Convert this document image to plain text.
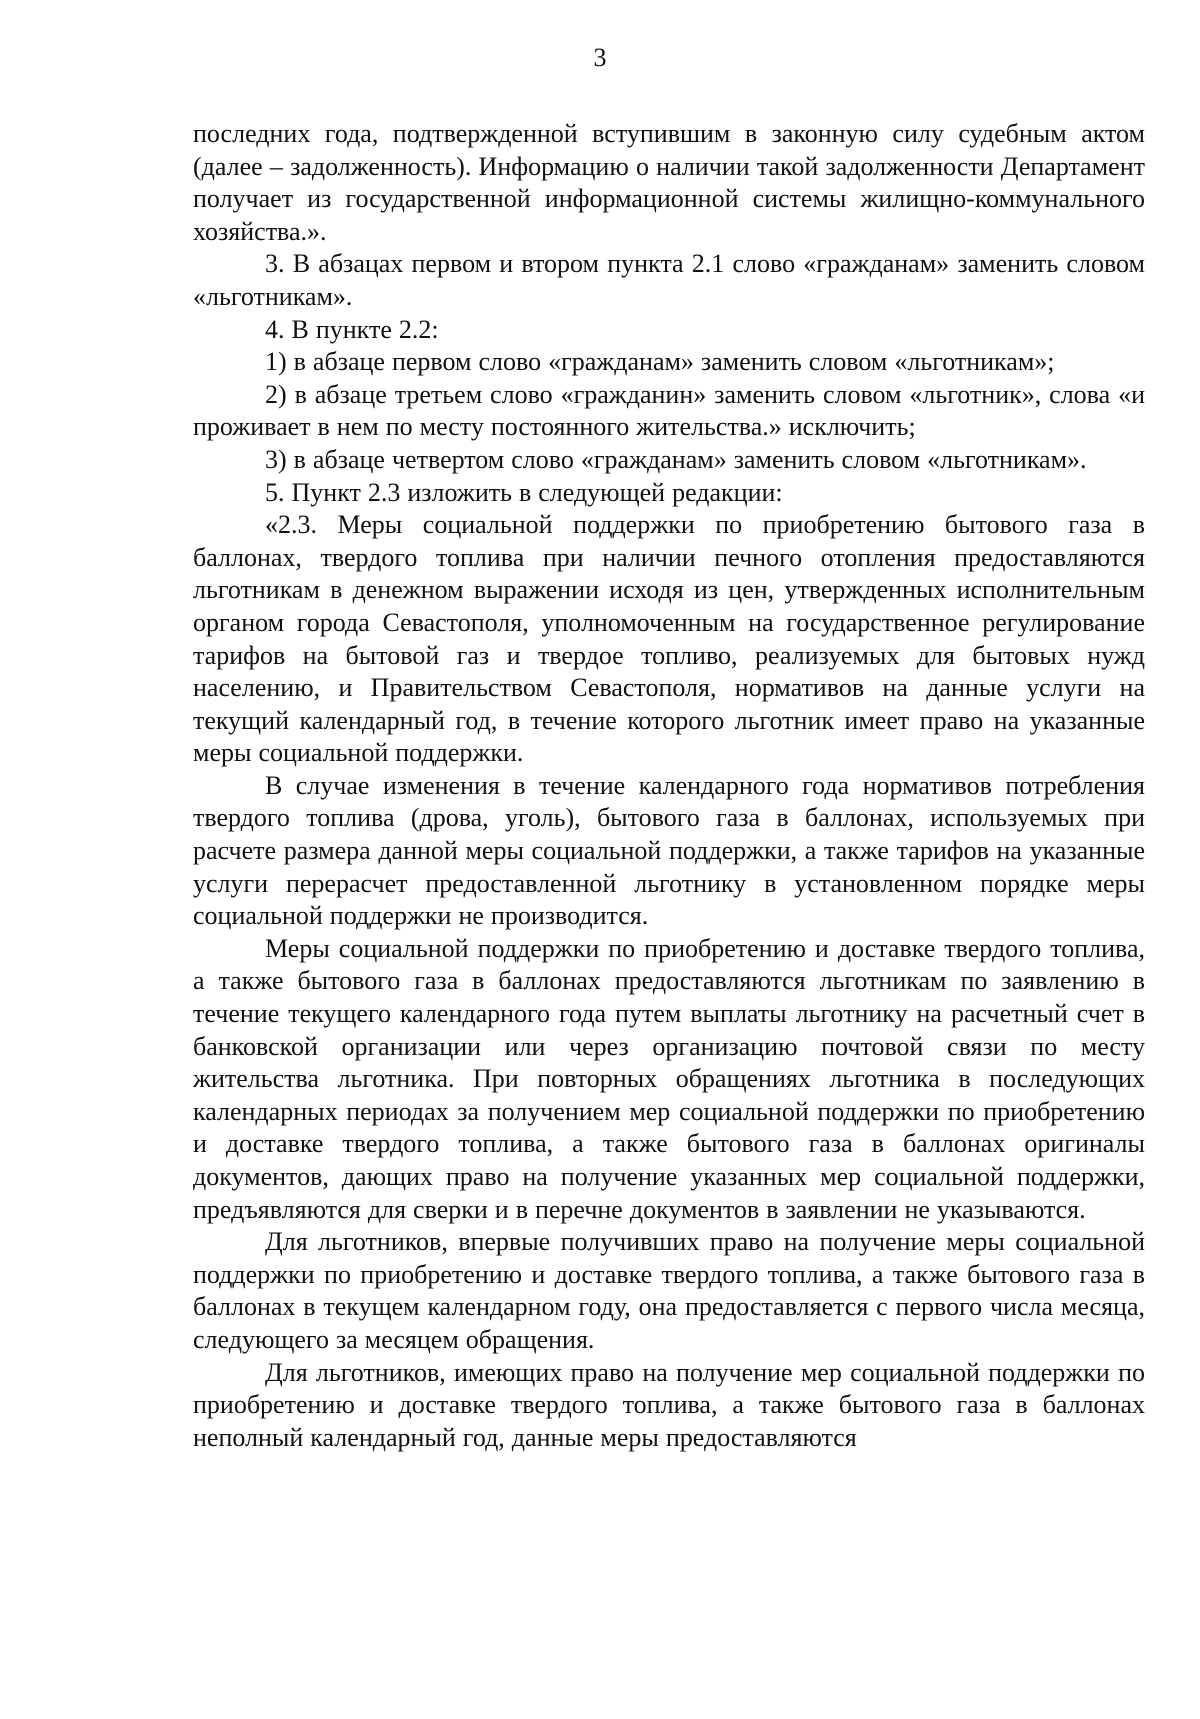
3

последних года, подтвержденной вступившим в законную силу судебным актом (далее – задолженность). Информацию о наличии такой задолженности Департамент получает из государственной информационной системы жилищно-коммунального хозяйства.».

3. В абзацах первом и втором пункта 2.1 слово «гражданам» заменить словом «льготникам».

4. В пункте 2.2:

1) в абзаце первом слово «гражданам» заменить словом «льготникам»;

2) в абзаце третьем слово «гражданин» заменить словом «льготник», слова «и проживает в нем по месту постоянного жительства.» исключить;

3) в абзаце четвертом слово «гражданам» заменить словом «льготникам».

5. Пункт 2.3 изложить в следующей редакции:

«2.3. Меры социальной поддержки по приобретению бытового газа в баллонах, твердого топлива при наличии печного отопления предоставляются льготникам в денежном выражении исходя из цен, утвержденных исполнительным органом города Севастополя, уполномоченным на государственное регулирование тарифов на бытовой газ и твердое топливо, реализуемых для бытовых нужд населению, и Правительством Севастополя, нормативов на данные услуги на текущий календарный год, в течение которого льготник имеет право на указанные меры социальной поддержки.

В случае изменения в течение календарного года нормативов потребления твердого топлива (дрова, уголь), бытового газа в баллонах, используемых при расчете размера данной меры социальной поддержки, а также тарифов на указанные услуги перерасчет предоставленной льготнику в установленном порядке меры социальной поддержки не производится.

Меры социальной поддержки по приобретению и доставке твердого топлива, а также бытового газа в баллонах предоставляются льготникам по заявлению в течение текущего календарного года путем выплаты льготнику на расчетный счет в банковской организации или через организацию почтовой связи по месту жительства льготника. При повторных обращениях льготника в последующих календарных периодах за получением мер социальной поддержки по приобретению и доставке твердого топлива, а также бытового газа в баллонах оригиналы документов, дающих право на получение указанных мер социальной поддержки, предъявляются для сверки и в перечне документов в заявлении не указываются.

Для льготников, впервые получивших право на получение меры социальной поддержки по приобретению и доставке твердого топлива, а также бытового газа в баллонах в текущем календарном году, она предоставляется с первого числа месяца, следующего за месяцем обращения.

Для льготников, имеющих право на получение мер социальной поддержки по приобретению и доставке твердого топлива, а также бытового газа в баллонах неполный календарный год, данные меры предоставляются
